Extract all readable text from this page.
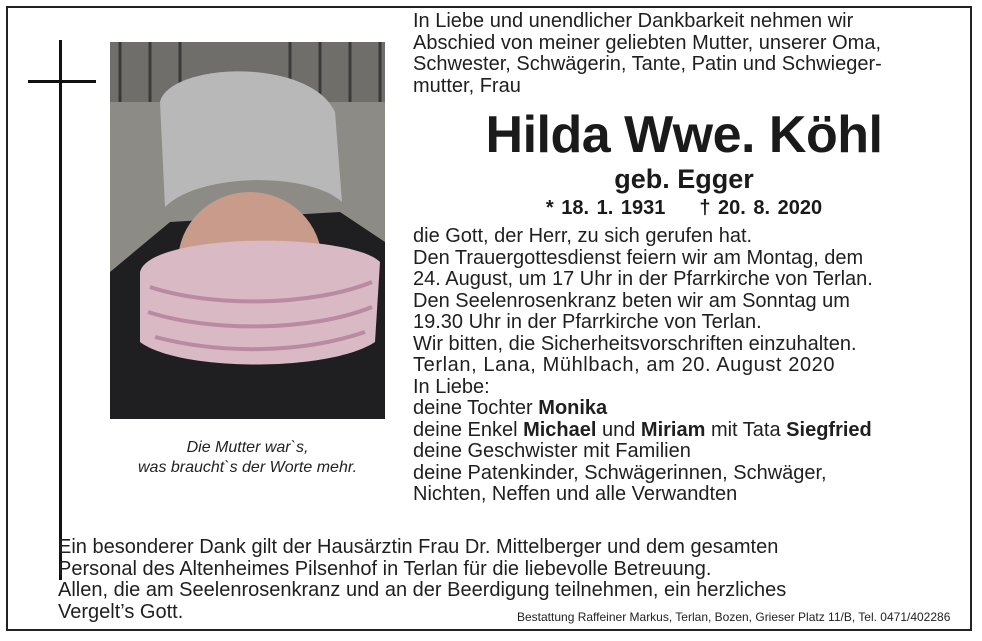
Die Mutter war`s,
was braucht`s der Worte mehr.
In Liebe und unendlicher Dankbarkeit nehmen wir
Abschied von meiner geliebten Mutter, unserer Oma,
Schwester, Schwägerin, Tante, Patin und Schwieger-
mutter, Frau
Hilda Wwe. Köhl
geb. Egger
* 18. 1. 1931 † 20. 8. 2020
die Gott, der Herr, zu sich gerufen hat.
Den Trauergottesdienst feiern wir am Montag, dem
24. August, um 17 Uhr in der Pfarrkirche von Terlan.
Den Seelenrosenkranz beten wir am Sonntag um
19.30 Uhr in der Pfarrkirche von Terlan.
Wir bitten, die Sicherheitsvorschriften einzuhalten.
Terlan, Lana, Mühlbach, am 20. August 2020
In Liebe:
deine Tochter Monika
deine Enkel Michael und Miriam mit Tata Siegfried
deine Geschwister mit Familien
deine Patenkinder, Schwägerinnen, Schwäger,
Nichten, Neffen und alle Verwandten
Ein besonderer Dank gilt der Hausärztin Frau Dr. Mittelberger und dem gesamten
Personal des Altenheimes Pilsenhof in Terlan für die liebevolle Betreuung.
Allen, die am Seelenrosenkranz und an der Beerdigung teilnehmen, ein herzliches
Vergelt’s Gott.	Bestattung Raffeiner Markus, Terlan, Bozen, Grieser Platz 11/B, Tel. 0471/402286
